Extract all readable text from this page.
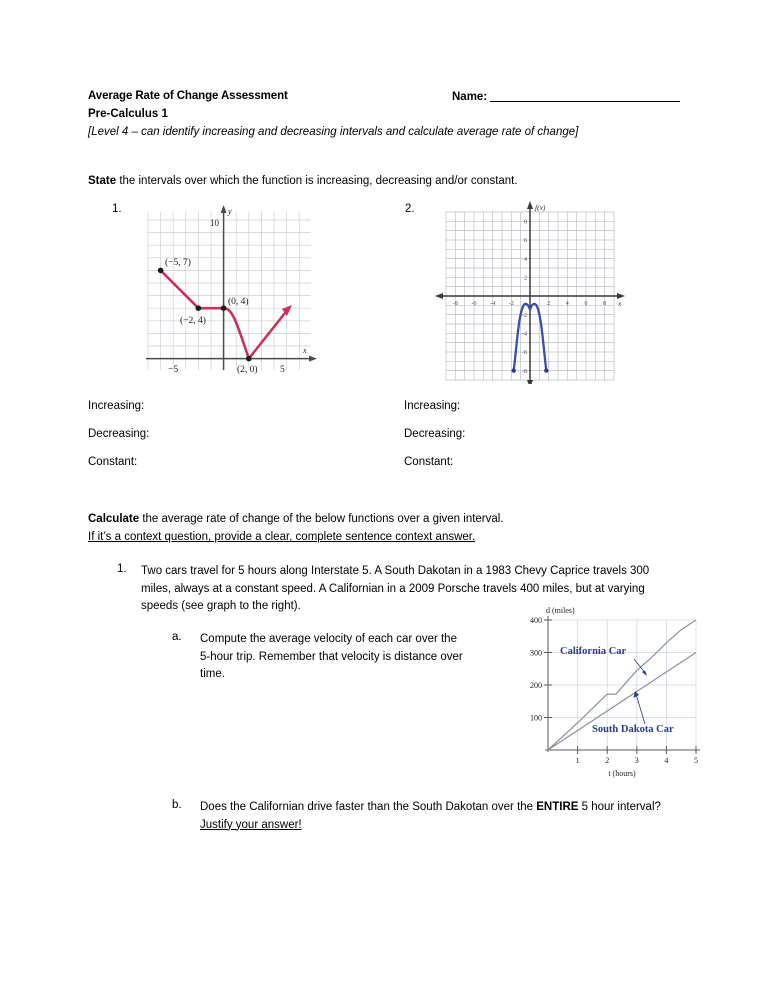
Average Rate of Change Assessment
Pre-Calculus 1
[Level 4 – can identify increasing and decreasing intervals and calculate average rate of change]
Name:
State the intervals over which the function is increasing, decreasing and/or constant.
1.	2.
y
x
10
−5	5
(−5, 7)
(−2, 4)
(0, 4)
(2, 0)
f(x)
x
-8 -6 -4 -2	2	4	6	8
8
6
4
2
-2
-4
-6
-8
Increasing:
Decreasing:
Constant:
Increasing:
Decreasing:
Constant:
Calculate the average rate of change of the below functions over a given interval.
If it’s a context question, provide a clear, complete sentence context answer.
1. Two cars travel for 5 hours along Interstate 5. A South Dakotan in a 1983 Chevy Caprice travels 300 miles, always at a constant speed. A Californian in a 2009 Porsche travels 400 miles, but at varying speeds (see graph to the right).
a. Compute the average velocity of each car over the 5-hour trip. Remember that velocity is distance over time.
b. Does the Californian drive faster than the South Dakotan over the ENTIRE 5 hour interval? Justify your answer!
400
300
200
100
1	2	3	4	5
d (miles)
t (hours)
California Car
South Dakota Car
